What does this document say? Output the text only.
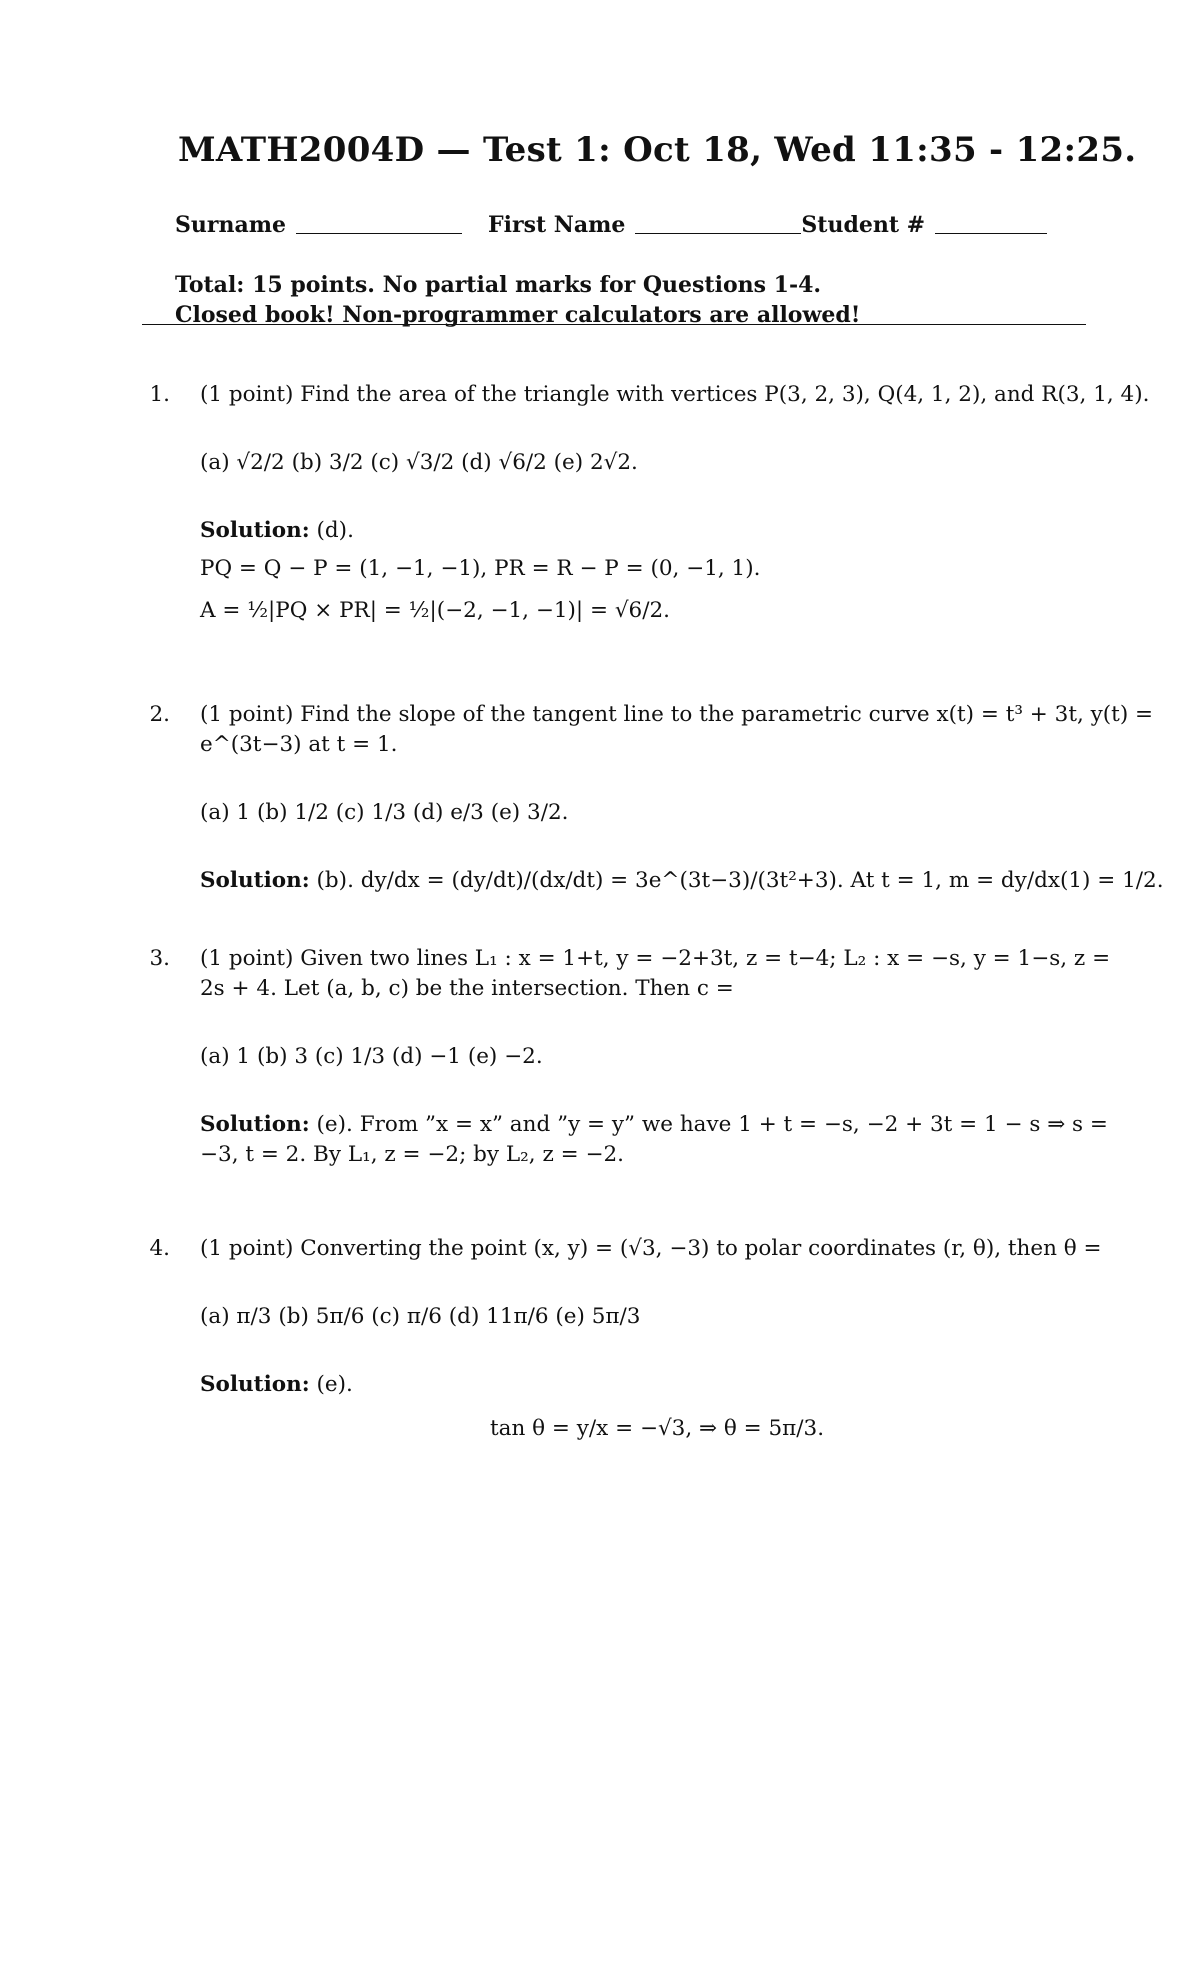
MATH2004D — Test 1: Oct 18, Wed 11:35 - 12:25.
Surname	First Name	Student #
Total: 15 points. No partial marks for Questions 1-4.
Closed book! Non-programmer calculators are allowed!
1. (1 point) Find the area of the triangle with vertices P(3, 2, 3), Q(4, 1, 2), and R(3, 1, 4).
(a) √2/2 (b) 3/2 (c) √3/2 (d) √6/2 (e) 2√2.
Solution: (d).
PQ = Q − P = (1, −1, −1), PR = R − P = (0, −1, 1).
A = ½|PQ × PR| = ½|(−2, −1, −1)| = √6/2.
2. (1 point) Find the slope of the tangent line to the parametric curve x(t) = t³ + 3t, y(t) =
e^(3t−3) at t = 1.
(a) 1 (b) 1/2 (c) 1/3 (d) e/3 (e) 3/2.
Solution: (b). dy/dx = (dy/dt)/(dx/dt) = 3e^(3t−3)/(3t²+3). At t = 1, m = dy/dx(1) = 1/2.
3. (1 point) Given two lines L₁ : x = 1+t, y = −2+3t, z = t−4; L₂ : x = −s, y = 1−s, z =
2s + 4. Let (a, b, c) be the intersection. Then c =
(a) 1 (b) 3 (c) 1/3 (d) −1 (e) −2.
Solution: (e). From ”x = x” and ”y = y” we have 1 + t = −s, −2 + 3t = 1 − s ⇒ s =
−3, t = 2. By L₁, z = −2; by L₂, z = −2.
4. (1 point) Converting the point (x, y) = (√3, −3) to polar coordinates (r, θ), then θ =
(a) π/3 (b) 5π/6 (c) π/6 (d) 11π/6 (e) 5π/3
Solution: (e).
tan θ = y/x = −√3, ⇒ θ = 5π/3.
